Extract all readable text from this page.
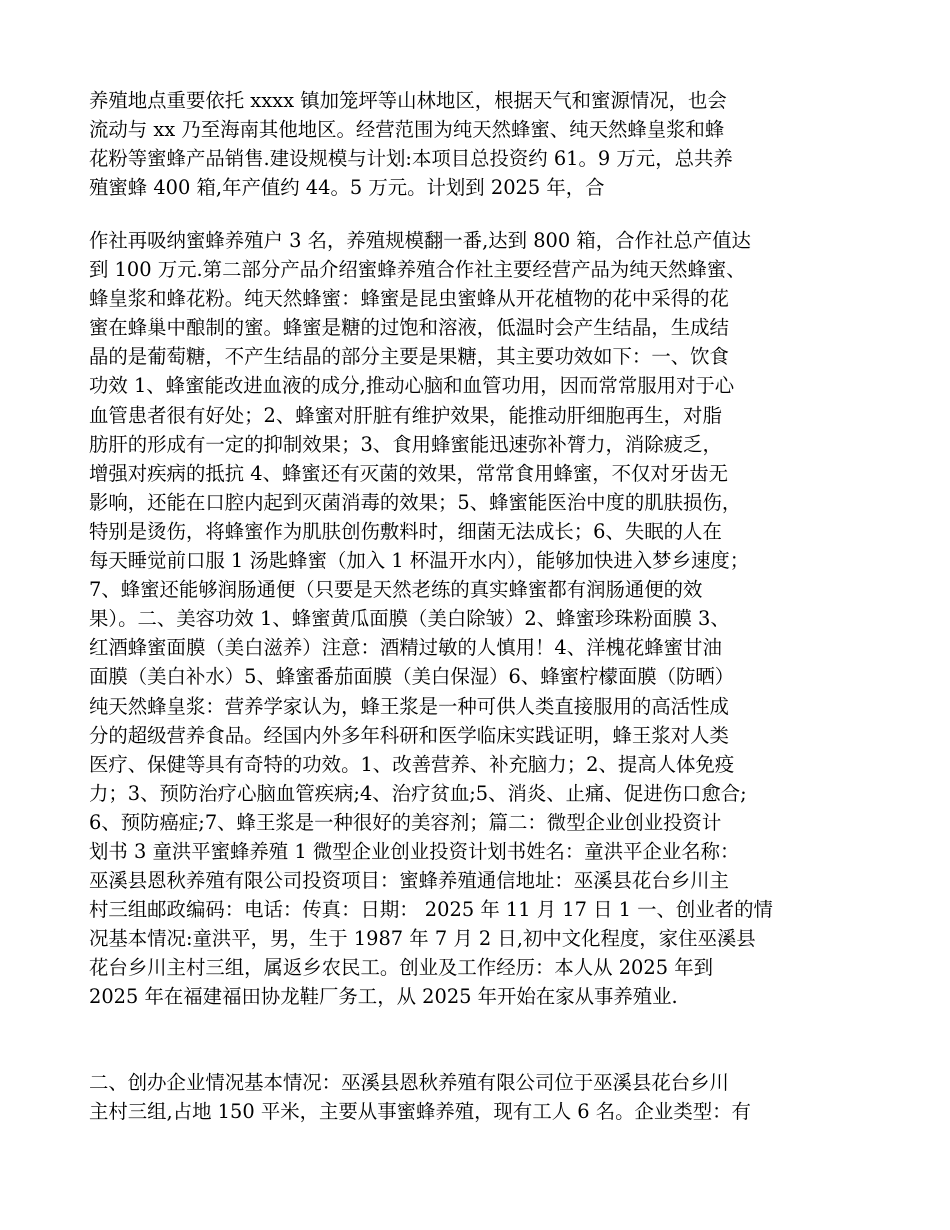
养殖地点重要依托 xxxx 镇加笼坪等山林地区，根据天气和蜜源情况，也会
流动与 xx 乃至海南其他地区。经营范围为纯天然蜂蜜、纯天然蜂皇浆和蜂
花粉等蜜蜂产品销售.建设规模与计划:本项目总投资约 61。9 万元，总共养
殖蜜蜂 400 箱,年产值约 44。5 万元。计划到 2025 年，合
作社再吸纳蜜蜂养殖户 3 名，养殖规模翻一番,达到 800 箱，合作社总产值达
到 100 万元.第二部分产品介绍蜜蜂养殖合作社主要经营产品为纯天然蜂蜜、
蜂皇浆和蜂花粉。纯天然蜂蜜：蜂蜜是昆虫蜜蜂从开花植物的花中采得的花
蜜在蜂巢中酿制的蜜。蜂蜜是糖的过饱和溶液，低温时会产生结晶，生成结
晶的是葡萄糖，不产生结晶的部分主要是果糖，其主要功效如下：一、饮食
功效 1、蜂蜜能改进血液的成分,推动心脑和血管功用，因而常常服用对于心
血管患者很有好处；2、蜂蜜对肝脏有维护效果，能推动肝细胞再生，对脂
肪肝的形成有一定的抑制效果；3、食用蜂蜜能迅速弥补膂力，消除疲乏，
增强对疾病的抵抗 4、蜂蜜还有灭菌的效果，常常食用蜂蜜，不仅对牙齿无
影响，还能在口腔内起到灭菌消毒的效果；5、蜂蜜能医治中度的肌肤损伤，
特别是烫伤，将蜂蜜作为肌肤创伤敷料时，细菌无法成长；6、失眠的人在
每天睡觉前口服 1 汤匙蜂蜜（加入 1 杯温开水内），能够加快进入梦乡速度；
7、蜂蜜还能够润肠通便（只要是天然老练的真实蜂蜜都有润肠通便的效
果）。二、美容功效 1、蜂蜜黄瓜面膜（美白除皱）2、蜂蜜珍珠粉面膜 3、
红酒蜂蜜面膜（美白滋养）注意：酒精过敏的人慎用！4、洋槐花蜂蜜甘油
面膜（美白补水）5、蜂蜜番茄面膜（美白保湿）6、蜂蜜柠檬面膜（防晒）
纯天然蜂皇浆：营养学家认为，蜂王浆是一种可供人类直接服用的高活性成
分的超级营养食品。经国内外多年科研和医学临床实践证明，蜂王浆对人类
医疗、保健等具有奇特的功效。1、改善营养、补充脑力；2、提高人体免疫
力；3、预防治疗心脑血管疾病;4、治疗贫血;5、消炎、止痛、促进伤口愈合;
6、预防癌症;7、蜂王浆是一种很好的美容剂；篇二：微型企业创业投资计
划书 3 童洪平蜜蜂养殖 1 微型企业创业投资计划书姓名：童洪平企业名称：
巫溪县恩秋养殖有限公司投资项目：蜜蜂养殖通信地址：巫溪县花台乡川主
村三组邮政编码：电话：传真：日期： 2025 年 11 月 17 日 1 一、创业者的情
况基本情况:童洪平，男，生于 1987 年 7 月 2 日,初中文化程度，家住巫溪县
花台乡川主村三组，属返乡农民工。创业及工作经历：本人从 2025 年到
2025 年在福建福田协龙鞋厂务工，从 2025 年开始在家从事养殖业.
二、创办企业情况基本情况：巫溪县恩秋养殖有限公司位于巫溪县花台乡川
主村三组,占地 150 平米，主要从事蜜蜂养殖，现有工人 6 名。企业类型：有
